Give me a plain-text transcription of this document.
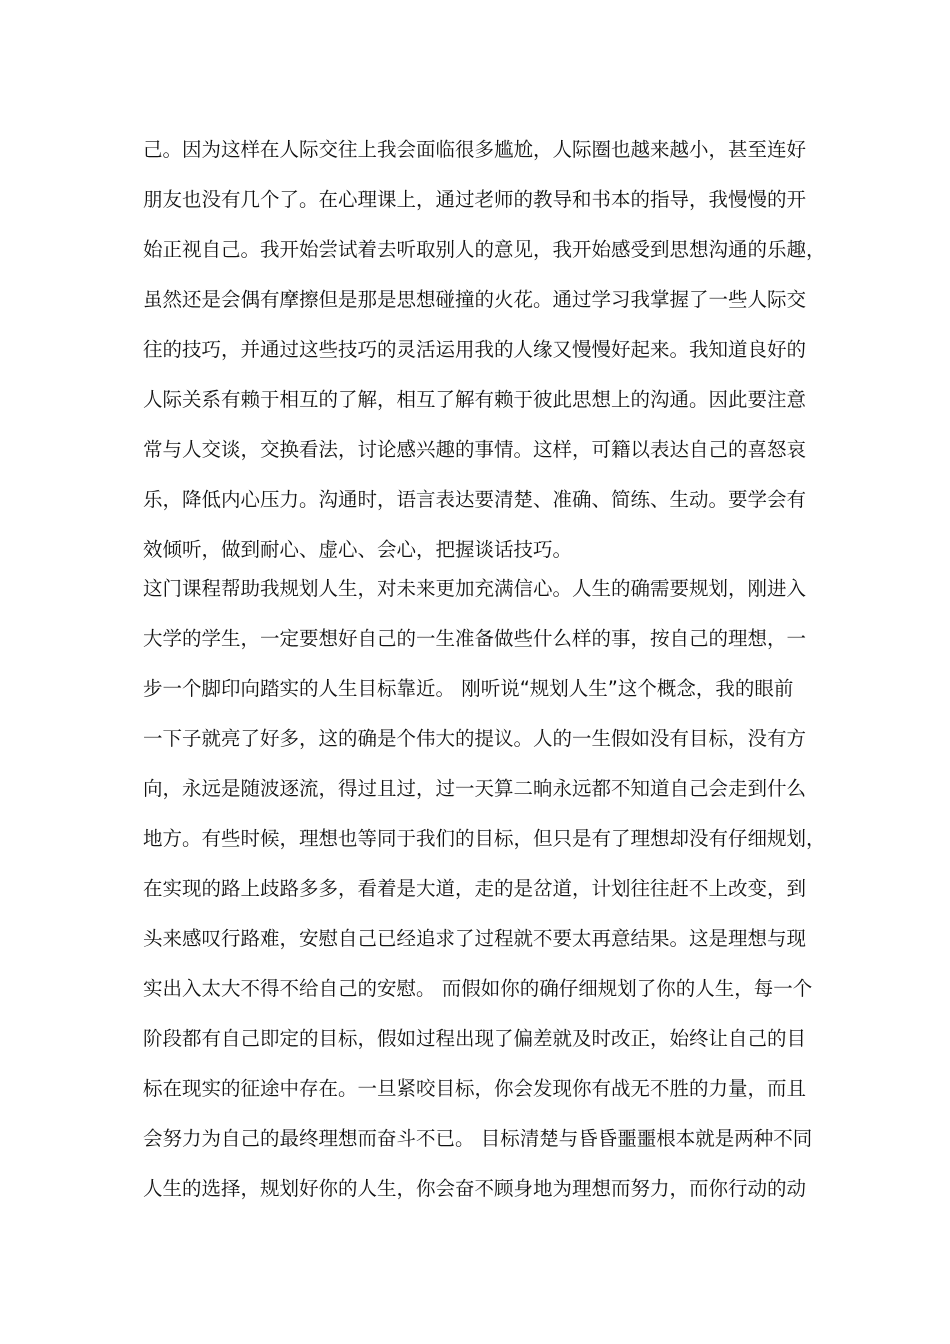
己。因为这样在人际交往上我会面临很多尴尬，人际圈也越来越小，甚至连好
朋友也没有几个了。在心理课上，通过老师的教导和书本的指导，我慢慢的开
始正视自己。我开始尝试着去听取别人的意见，我开始感受到思想沟通的乐趣，
虽然还是会偶有摩擦但是那是思想碰撞的火花。通过学习我掌握了一些人际交
往的技巧，并通过这些技巧的灵活运用我的人缘又慢慢好起来。我知道良好的
人际关系有赖于相互的了解，相互了解有赖于彼此思想上的沟通。因此要注意
常与人交谈，交换看法，讨论感兴趣的事情。这样，可籍以表达自己的喜怒哀
乐，降低内心压力。沟通时，语言表达要清楚、准确、简练、生动。要学会有
效倾听，做到耐心、虚心、会心，把握谈话技巧。
这门课程帮助我规划人生，对未来更加充满信心。人生的确需要规划，刚进入
大学的学生，一定要想好自己的一生准备做些什么样的事，按自己的理想，一
步一个脚印向踏实的人生目标靠近。 刚听说“规划人生”这个概念，我的眼前
一下子就亮了好多，这的确是个伟大的提议。人的一生假如没有目标，没有方
向，永远是随波逐流，得过且过，过一天算二晌永远都不知道自己会走到什么
地方。有些时候，理想也等同于我们的目标，但只是有了理想却没有仔细规划，
在实现的路上歧路多多，看着是大道，走的是岔道，计划往往赶不上改变，到
头来感叹行路难，安慰自己已经追求了过程就不要太再意结果。这是理想与现
实出入太大不得不给自己的安慰。 而假如你的确仔细规划了你的人生，每一个
阶段都有自己即定的目标，假如过程出现了偏差就及时改正，始终让自己的目
标在现实的征途中存在。一旦紧咬目标，你会发现你有战无不胜的力量，而且
会努力为自己的最终理想而奋斗不已。 目标清楚与昏昏噩噩根本就是两种不同
人生的选择，规划好你的人生，你会奋不顾身地为理想而努力，而你行动的动
